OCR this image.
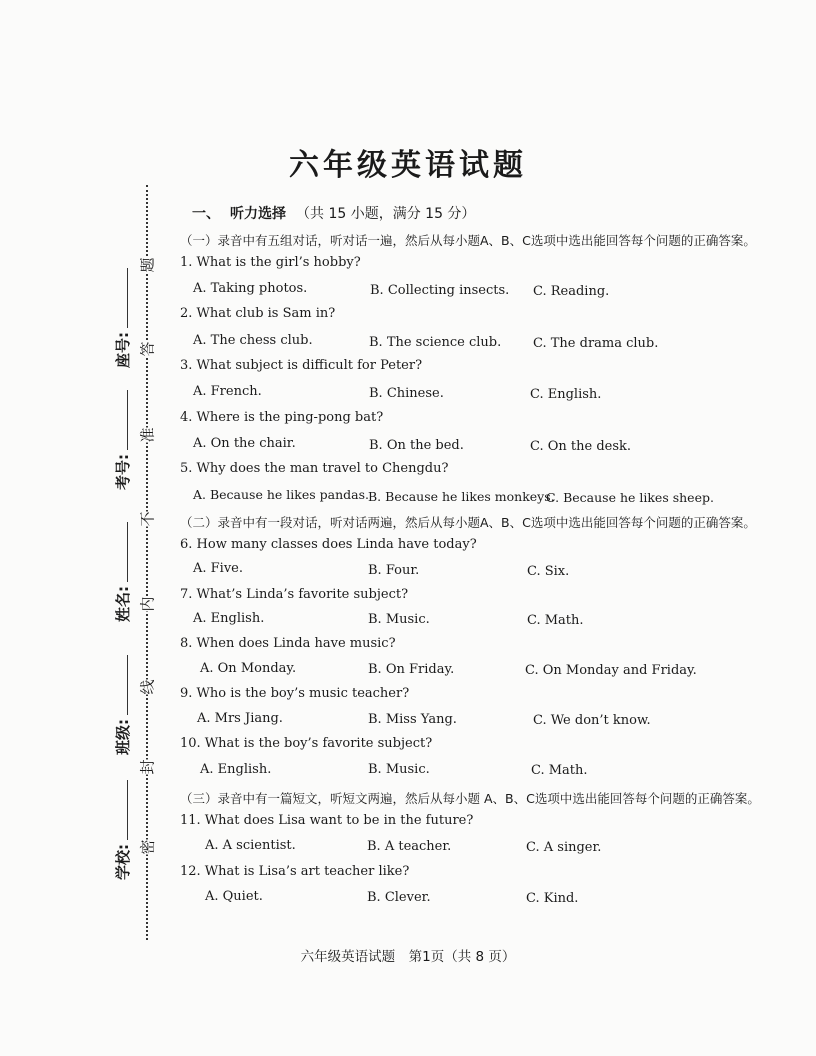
学校:
班级:
姓名:
考号:
座号:
密
封
线
内
不
准
答
题
六年级英语试题
一、 听力选择 （共 15 小题，满分 15 分）
（一）录音中有五组对话，听对话一遍，然后从每小题A、B、C选项中选出能回答每个问题的正确答案。
1. What is the girl’s hobby?
A. Taking photos.	B. Collecting insects. C. Reading.
2. What club is Sam in?
A. The chess club.	B. The science club. C. The drama club.
3. What subject is difficult for Peter?
A. French.	B. Chinese.	C. English.
4. Where is the ping-pong bat?
A. On the chair.	B. On the bed.	C. On the desk.
5. Why does the man travel to Chengdu?
A. Because he likes pandas. B. Because he likes monkeys.
C. Because he likes sheep.
（二）录音中有一段对话，听对话两遍，然后从每小题A、B、C选项中选出能回答每个问题的正确答案。
6. How many classes does Linda have today?
A. Five.	B. Four.	C. Six.
7. What’s Linda’s favorite subject?
A. English.	B. Music.	C. Math.
8. When does Linda have music?
A. On Monday.	B. On Friday.	C. On Monday and Friday.
9. Who is the boy’s music teacher?
A. Mrs Jiang.	B. Miss Yang.	C. We don’t know.
10. What is the boy’s favorite subject?
A. English.	B. Music.	C. Math.
（三）录音中有一篇短文，听短文两遍，然后从每小题 A、B、C选项中选出能回答每个问题的正确答案。
11. What does Lisa want to be in the future?
A. A scientist.	B. A teacher.	C. A singer.
12. What is Lisa’s art teacher like?
A. Quiet.	B. Clever.	C. Kind.
六年级英语试题　第1页（共 8 页）
